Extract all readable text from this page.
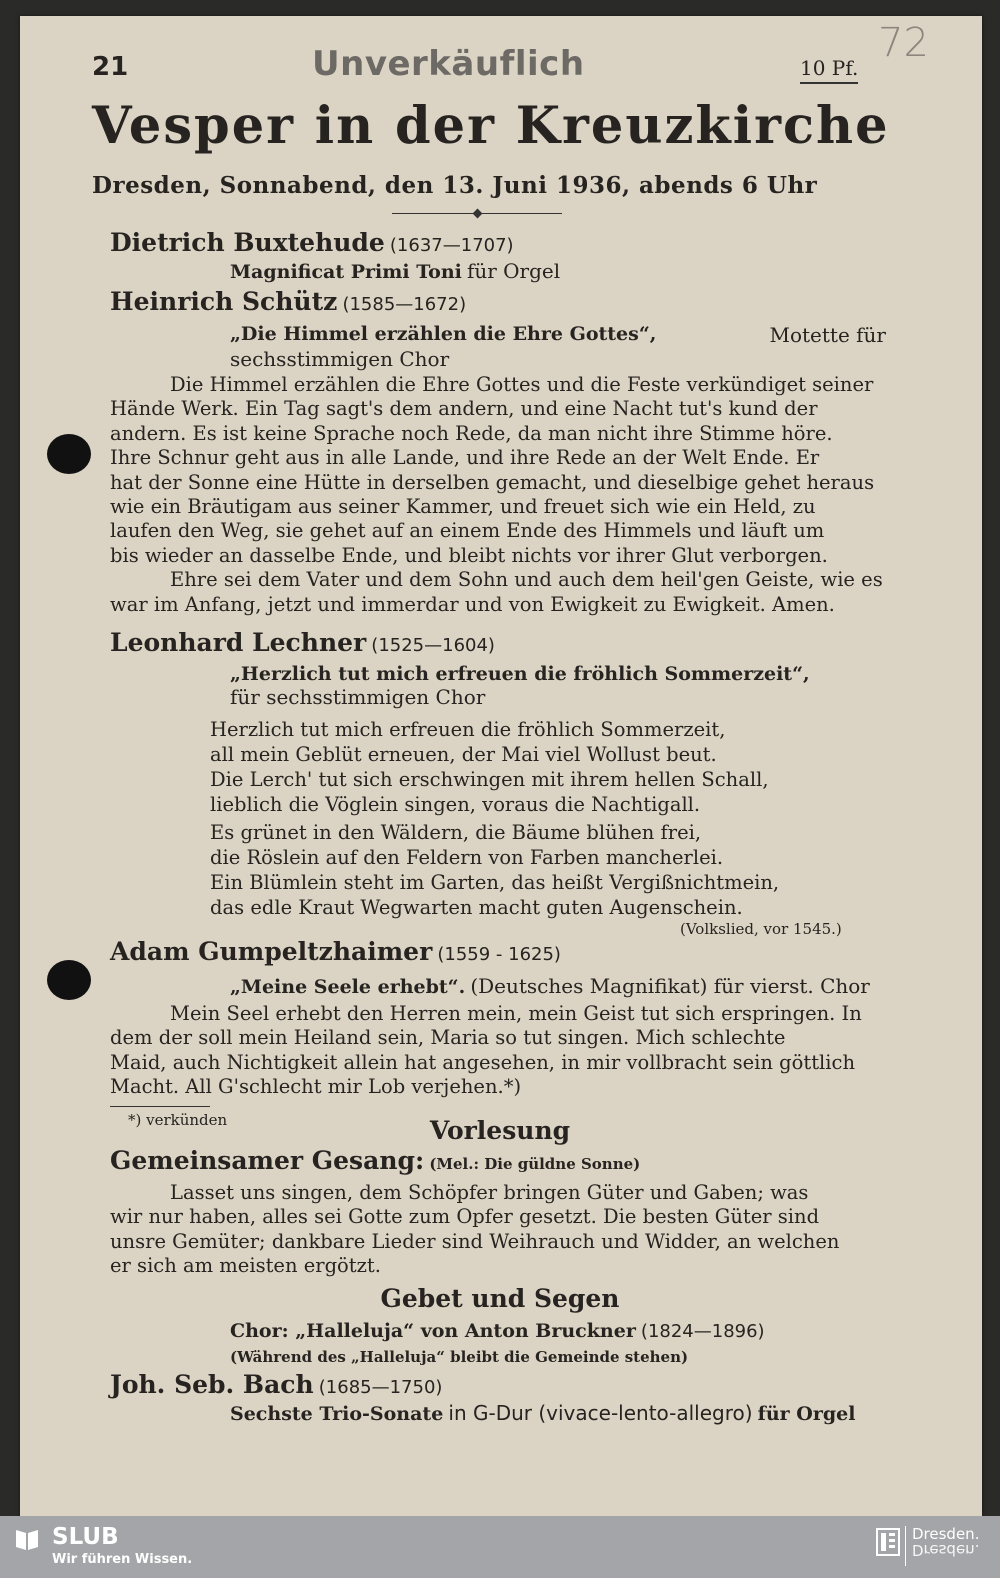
21	Unverkäuflich	10 Pf.
72
Vesper in der Kreuzkirche
Dresden, Sonnabend, den 13. Juni 1936, abends 6 Uhr
Dietrich Buxtehude (1637—1707)
Magnificat Primi Toni für Orgel
Heinrich Schütz (1585—1672)
„Die Himmel erzählen die Ehre Gottes“,	Motette für
sechsstimmigen Chor
Die Himmel erzählen die Ehre Gottes und die Feste verkündiget seiner
Hände Werk. Ein Tag sagt's dem andern, und eine Nacht tut's kund der
andern. Es ist keine Sprache noch Rede, da man nicht ihre Stimme höre.
Ihre Schnur geht aus in alle Lande, und ihre Rede an der Welt Ende. Er
hat der Sonne eine Hütte in derselben gemacht, und dieselbige gehet heraus
wie ein Bräutigam aus seiner Kammer, und freuet sich wie ein Held, zu
laufen den Weg, sie gehet auf an einem Ende des Himmels und läuft um
bis wieder an dasselbe Ende, und bleibt nichts vor ihrer Glut verborgen.
Ehre sei dem Vater und dem Sohn und auch dem heil'gen Geiste, wie es
war im Anfang, jetzt und immerdar und von Ewigkeit zu Ewigkeit. Amen.
Leonhard Lechner (1525—1604)
„Herzlich tut mich erfreuen die fröhlich Sommerzeit“,
für sechsstimmigen Chor
Herzlich tut mich erfreuen die fröhlich Sommerzeit,
all mein Geblüt erneuen, der Mai viel Wollust beut.
Die Lerch' tut sich erschwingen mit ihrem hellen Schall,
lieblich die Vöglein singen, voraus die Nachtigall.
Es grünet in den Wäldern, die Bäume blühen frei,
die Röslein auf den Feldern von Farben mancherlei.
Ein Blümlein steht im Garten, das heißt Vergißnichtmein,
das edle Kraut Wegwarten macht guten Augenschein.
(Volkslied, vor 1545.)
Adam Gumpeltzhaimer (1559 - 1625)
„Meine Seele erhebt“. (Deutsches Magnifikat) für vierst. Chor
Mein Seel erhebt den Herren mein, mein Geist tut sich erspringen. In
dem der soll mein Heiland sein, Maria so tut singen. Mich schlechte
Maid, auch Nichtigkeit allein hat angesehen, in mir vollbracht sein göttlich
Macht. All G'schlecht mir Lob verjehen.*)
*) verkünden	Vorlesung
Gemeinsamer Gesang: (Mel.: Die güldne Sonne)
Lasset uns singen, dem Schöpfer bringen Güter und Gaben; was
wir nur haben, alles sei Gotte zum Opfer gesetzt. Die besten Güter sind
unsre Gemüter; dankbare Lieder sind Weihrauch und Widder, an welchen
er sich am meisten ergötzt.
Gebet und Segen
Chor: „Halleluja“ von Anton Bruckner (1824—1896)
(Während des „Halleluja“ bleibt die Gemeinde stehen)
Joh. Seb. Bach (1685—1750)
Sechste Trio-Sonate in G-Dur (vivace-lento-allegro) für Orgel
SLUB
Wir führen Wissen.
Dresden.
Dresden.
